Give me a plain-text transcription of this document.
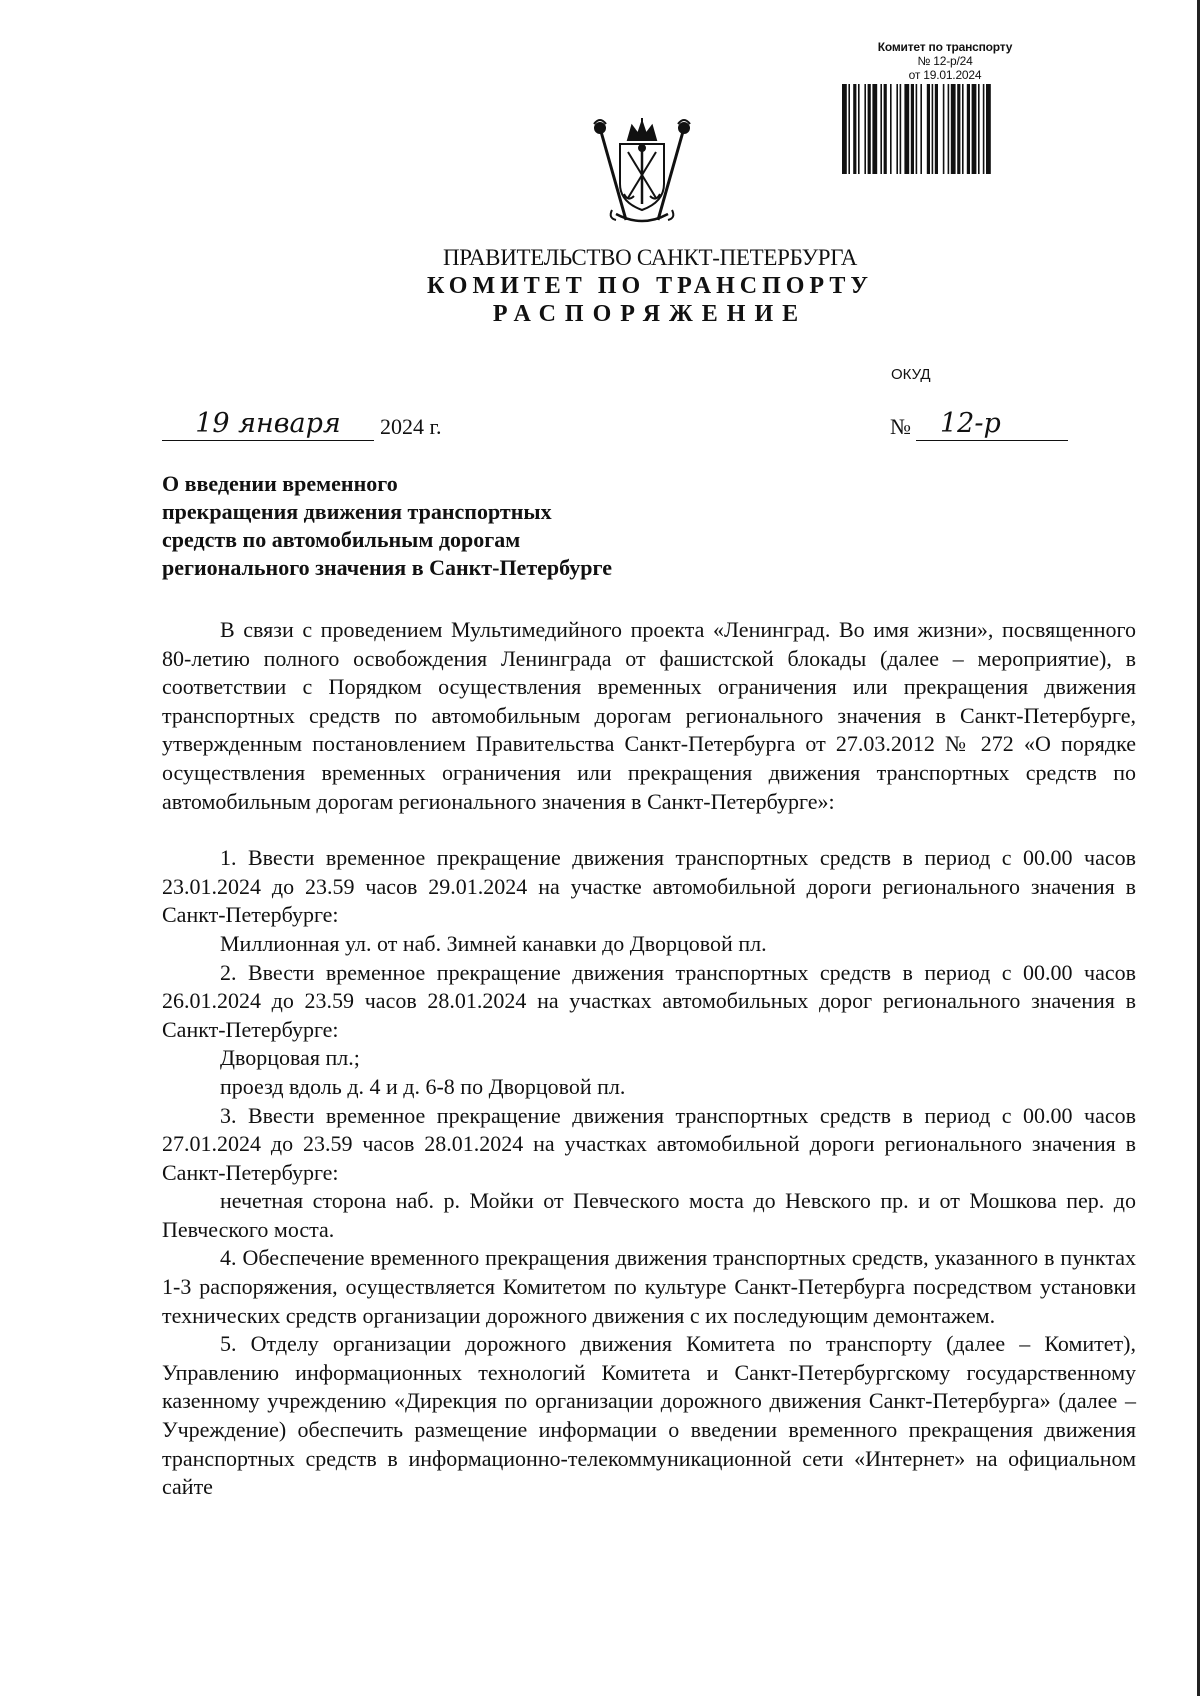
Комитет по транспорту
№ 12-р/24
от 19.01.2024
ПРАВИТЕЛЬСТВО САНКТ-ПЕТЕРБУРГА
КОМИТЕТ ПО ТРАНСПОРТУ
РАСПОРЯЖЕНИЕ
ОКУД
19 января	2024 г.	№	12-р
О введении временного
прекращения движения транспортных
средств по автомобильным дорогам
регионального значения в Санкт-Петербурге

В связи с проведением Мультимедийного проекта «Ленинград. Во имя жизни», посвященного 80-летию полного освобождения Ленинграда от фашистской блокады (далее – мероприятие), в соответствии с Порядком осуществления временных ограничения или прекращения движения транспортных средств по автомобильным дорогам регионального значения в Санкт-Петербурге, утвержденным постановлением Правительства Санкт-Петербурга от 27.03.2012 № 272 «О порядке осуществления временных ограничения или прекращения движения транспортных средств по автомобильным дорогам регионального значения в Санкт-Петербурге»:

1. Ввести временное прекращение движения транспортных средств в период с 00.00 часов 23.01.2024 до 23.59 часов 29.01.2024 на участке автомобильной дороги регионального значения в Санкт-Петербурге:

Миллионная ул. от наб. Зимней канавки до Дворцовой пл.

2. Ввести временное прекращение движения транспортных средств в период с 00.00 часов 26.01.2024 до 23.59 часов 28.01.2024 на участках автомобильных дорог регионального значения в Санкт-Петербурге:

Дворцовая пл.;

проезд вдоль д. 4 и д. 6-8 по Дворцовой пл.

3. Ввести временное прекращение движения транспортных средств в период с 00.00 часов 27.01.2024 до 23.59 часов 28.01.2024 на участках автомобильной дороги регионального значения в Санкт-Петербурге:

нечетная сторона наб. р. Мойки от Певческого моста до Невского пр. и от Мошкова пер. до Певческого моста.

4. Обеспечение временного прекращения движения транспортных средств, указанного в пунктах 1-3 распоряжения, осуществляется Комитетом по культуре Санкт-Петербурга посредством установки технических средств организации дорожного движения с их последующим демонтажем.

5. Отделу организации дорожного движения Комитета по транспорту (далее – Комитет), Управлению информационных технологий Комитета и Санкт-Петербургскому государственному казенному учреждению «Дирекция по организации дорожного движения Санкт-Петербурга» (далее – Учреждение) обеспечить размещение информации о введении временного прекращения движения транспортных средств в информационно-телекоммуникационной сети «Интернет» на официальном сайте
